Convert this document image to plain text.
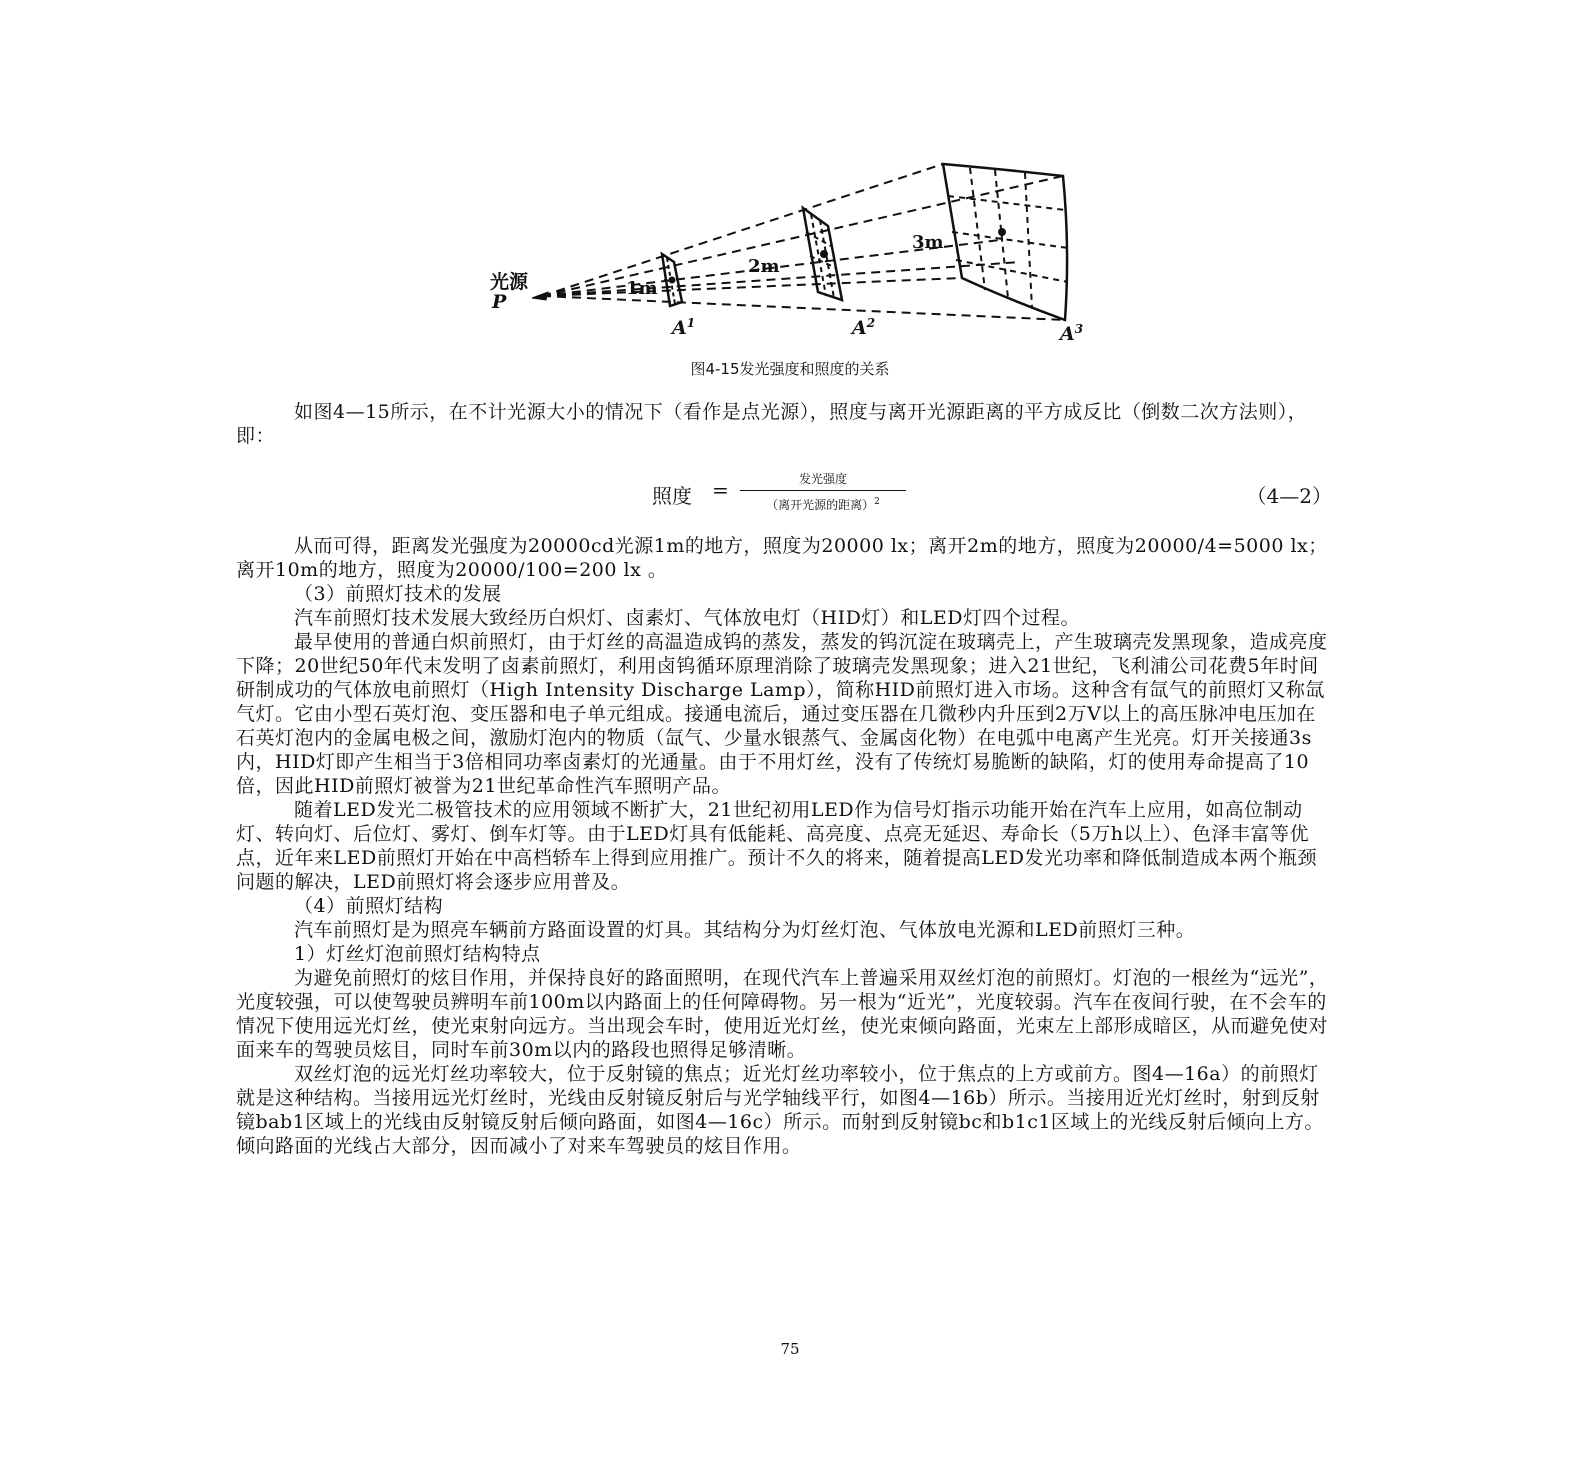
光源
P
1m
2m
3m
$A^1$	$A^2$	$A^3$
图4-15发光强度和照度的关系

如图4—15所示，在不计光源大小的情况下（看作是点光源），照度与离开光源距离的平方成反比（倒数二次方法则），即：

照度 =	发光强度
（离开光源的距离）$^2$	（4—2）

从而可得，距离发光强度为20000cd光源1m的地方，照度为20000 lx；离开2m的地方，照度为20000/4=5000 lx；离开10m的地方，照度为20000/100=200 lx 。

（3）前照灯技术的发展

汽车前照灯技术发展大致经历白炽灯、卤素灯、气体放电灯（HID灯）和LED灯四个过程。

最早使用的普通白炽前照灯，由于灯丝的高温造成钨的蒸发，蒸发的钨沉淀在玻璃壳上，产生玻璃壳发黑现象，造成亮度下降；20世纪50年代末发明了卤素前照灯，利用卤钨循环原理消除了玻璃壳发黑现象；进入21世纪，飞利浦公司花费5年时间研制成功的气体放电前照灯（High Intensity Discharge Lamp），简称HID前照灯进入市场。这种含有氙气的前照灯又称氙气灯。它由小型石英灯泡、变压器和电子单元组成。接通电流后，通过变压器在几微秒内升压到2万V以上的高压脉冲电压加在石英灯泡内的金属电极之间，激励灯泡内的物质（氙气、少量水银蒸气、金属卤化物）在电弧中电离产生光亮。灯开关接通3s内，HID灯即产生相当于3倍相同功率卤素灯的光通量。由于不用灯丝，没有了传统灯易脆断的缺陷，灯的使用寿命提高了10倍，因此HID前照灯被誉为21世纪革命性汽车照明产品。

随着LED发光二极管技术的应用领域不断扩大，21世纪初用LED作为信号灯指示功能开始在汽车上应用，如高位制动灯、转向灯、后位灯、雾灯、倒车灯等。由于LED灯具有低能耗、高亮度、点亮无延迟、寿命长（5万h以上）、色泽丰富等优点，近年来LED前照灯开始在中高档轿车上得到应用推广。预计不久的将来，随着提高LED发光功率和降低制造成本两个瓶颈问题的解决，LED前照灯将会逐步应用普及。

（4）前照灯结构

汽车前照灯是为照亮车辆前方路面设置的灯具。其结构分为灯丝灯泡、气体放电光源和LED前照灯三种。

1）灯丝灯泡前照灯结构特点

为避免前照灯的炫目作用，并保持良好的路面照明，在现代汽车上普遍采用双丝灯泡的前照灯。灯泡的一根丝为“远光”，光度较强，可以使驾驶员辨明车前100m以内路面上的任何障碍物。另一根为“近光”，光度较弱。汽车在夜间行驶，在不会车的情况下使用远光灯丝，使光束射向远方。当出现会车时，使用近光灯丝，使光束倾向路面，光束左上部形成暗区，从而避免使对面来车的驾驶员炫目，同时车前30m以内的路段也照得足够清晰。

双丝灯泡的远光灯丝功率较大，位于反射镜的焦点；近光灯丝功率较小，位于焦点的上方或前方。图4—16a）的前照灯就是这种结构。当接用远光灯丝时，光线由反射镜反射后与光学轴线平行，如图4—16b）所示。当接用近光灯丝时，射到反射镜bab1区域上的光线由反射镜反射后倾向路面，如图4—16c）所示。而射到反射镜bc和b1c1区域上的光线反射后倾向上方。倾向路面的光线占大部分，因而减小了对来车驾驶员的炫目作用。

75
